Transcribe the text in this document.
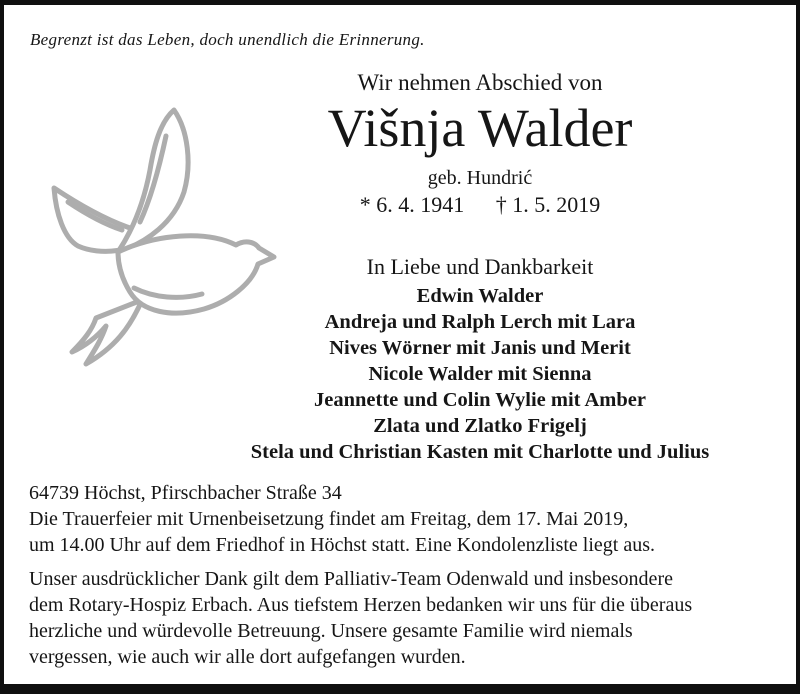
Begrenzt ist das Leben, doch unendlich die Erinnerung.
Wir nehmen Abschied von
Višnja Walder
geb. Hundrić
* 6. 4. 1941 † 1. 5. 2019
In Liebe und Dankbarkeit
Edwin Walder
Andreja und Ralph Lerch mit Lara
Nives Wörner mit Janis und Merit
Nicole Walder mit Sienna
Jeannette und Colin Wylie mit Amber
Zlata und Zlatko Frigelj
Stela und Christian Kasten mit Charlotte und Julius
64739 Höchst, Pfirschbacher Straße 34
Die Trauerfeier mit Urnenbeisetzung findet am Freitag, dem 17. Mai 2019,
um 14.00 Uhr auf dem Friedhof in Höchst statt. Eine Kondolenzliste liegt aus.
Unser ausdrücklicher Dank gilt dem Palliativ-Team Odenwald und insbesondere
dem Rotary-Hospiz Erbach. Aus tiefstem Herzen bedanken wir uns für die überaus
herzliche und würdevolle Betreuung. Unsere gesamte Familie wird niemals
vergessen, wie auch wir alle dort aufgefangen wurden.
